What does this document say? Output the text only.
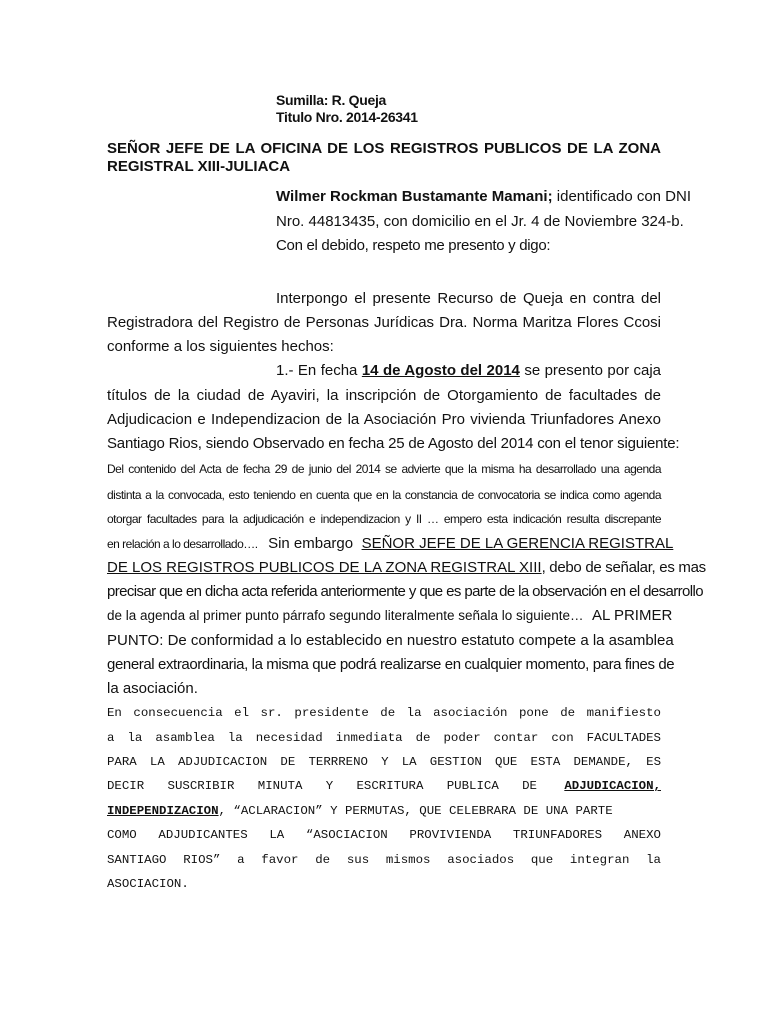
Sumilla: R. Queja
Titulo Nro. 2014-26341
SEÑOR JEFE DE LA OFICINA DE LOS REGISTROS PUBLICOS DE LA ZONA
REGISTRAL XIII-JULIACA
Wilmer Rockman Bustamante Mamani; identificado con DNI
Nro. 44813435, con domicilio en el Jr. 4 de Noviembre 324-b.
Con el debido, respeto me presento y digo:
Interpongo el presente Recurso de Queja en contra del
Registradora del Registro de Personas Jurídicas Dra. Norma Maritza Flores Ccosi
conforme a los siguientes hechos:
1.- En fecha 14 de Agosto del 2014 se presento por caja
títulos de la ciudad de Ayaviri, la inscripción de Otorgamiento de facultades de
Adjudicacion e Independizacion de la Asociación Pro vivienda Triunfadores Anexo
Santiago Rios, siendo Observado en fecha 25 de Agosto del 2014 con el tenor siguiente:
Del contenido del Acta de fecha 29 de junio del 2014 se advierte que la misma ha desarrollado una agenda
distinta a la convocada, esto teniendo en cuenta que en la constancia de convocatoria se indica como agenda
otorgar facultades para la adjudicación e independizacion y II … empero esta indicación resulta discrepante
en relación a lo desarrollado…. Sin embargo SEÑOR JEFE DE LA GERENCIA REGISTRAL
DE LOS REGISTROS PUBLICOS DE LA ZONA REGISTRAL XIII, debo de señalar, es mas
precisar que en dicha acta referida anteriormente y que es parte de la observación en el desarrollo
de la agenda al primer punto párrafo segundo literalmente señala lo siguiente… AL PRIMER
PUNTO: De conformidad a lo establecido en nuestro estatuto compete a la asamblea
general extraordinaria, la misma que podrá realizarse en cualquier momento, para fines de
la asociación.
En consecuencia el sr. presidente de la asociación pone de manifiesto
a la asamblea la necesidad inmediata de poder contar con FACULTADES
PARA LA ADJUDICACION DE TERRRENO Y LA GESTION QUE ESTA DEMANDE, ES
DECIR SUSCRIBIR MINUTA Y ESCRITURA PUBLICA DE ADJUDICACION,
INDEPENDIZACION, “ACLARACION” Y PERMUTAS, QUE CELEBRARA DE UNA PARTE
COMO ADJUDICANTES LA “ASOCIACION PROVIVIENDA TRIUNFADORES ANEXO
SANTIAGO RIOS” a favor de sus mismos asociados que integran la
ASOCIACION.
